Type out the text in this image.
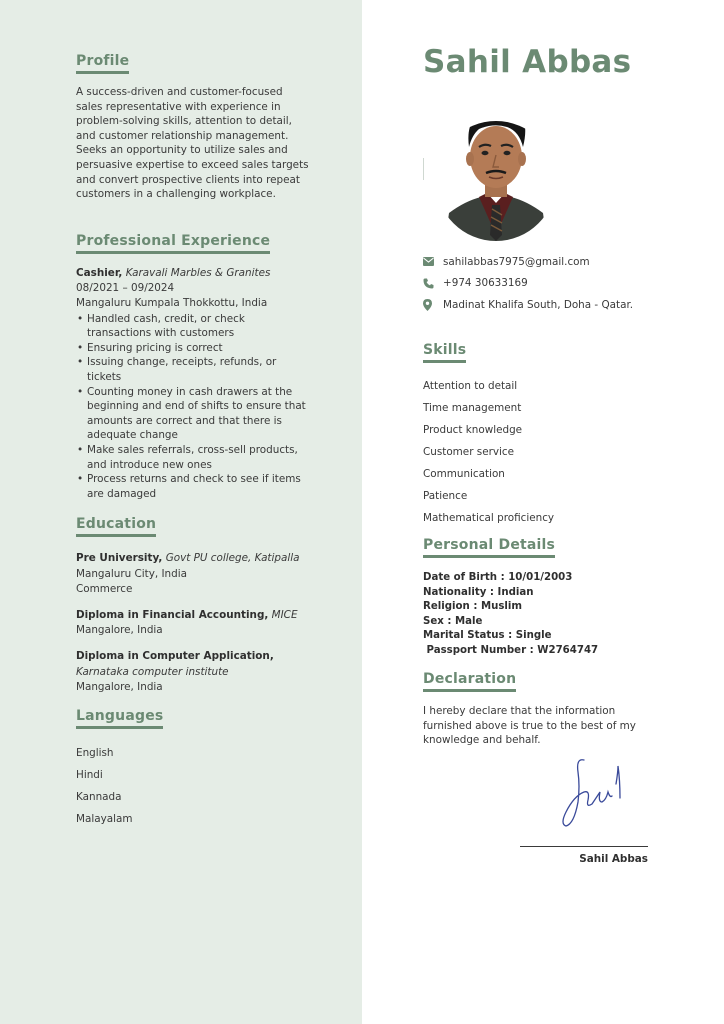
Profile

A success-driven and customer-focused sales representative with experience in problem-solving skills, attention to detail, and customer relationship management. Seeks an opportunity to utilize sales and persuasive expertise to exceed sales targets and convert prospective clients into repeat customers in a challenging workplace.

Professional Experience
Cashier, Karavali Marbles & Granites
08/2021 – 09/2024
Mangaluru Kumpala Thokkottu, India
• Handled cash, credit, or check transactions with customers
• Ensuring pricing is correct
• Issuing change, receipts, refunds, or tickets
• Counting money in cash drawers at the beginning and end of shifts to ensure that amounts are correct and that there is adequate change
• Make sales referrals, cross-sell products, and introduce new ones
• Process returns and check to see if items are damaged
Education
Pre University, Govt PU college, Katipalla
Mangaluru City, India
Commerce
Diploma in Financial Accounting, MICE
Mangalore, India
Diploma in Computer Application,
Karnataka computer institute
Mangalore, India
Languages
English
Hindi
Kannada
Malayalam
Sahil Abbas
sahilabbas7975@gmail.com
+974 30633169
Madinat Khalifa South, Doha - Qatar.
Skills
Attention to detail
Time management
Product knowledge
Customer service
Communication
Patience
Mathematical proficiency
Personal Details
Date of Birth : 10/01/2003
Nationality : Indian
Religion : Muslim
Sex : Male
Marital Status : Single
Passport Number : W2764747
Declaration

I hereby declare that the information furnished above is true to the best of my knowledge and behalf.

Sahil Abbas
